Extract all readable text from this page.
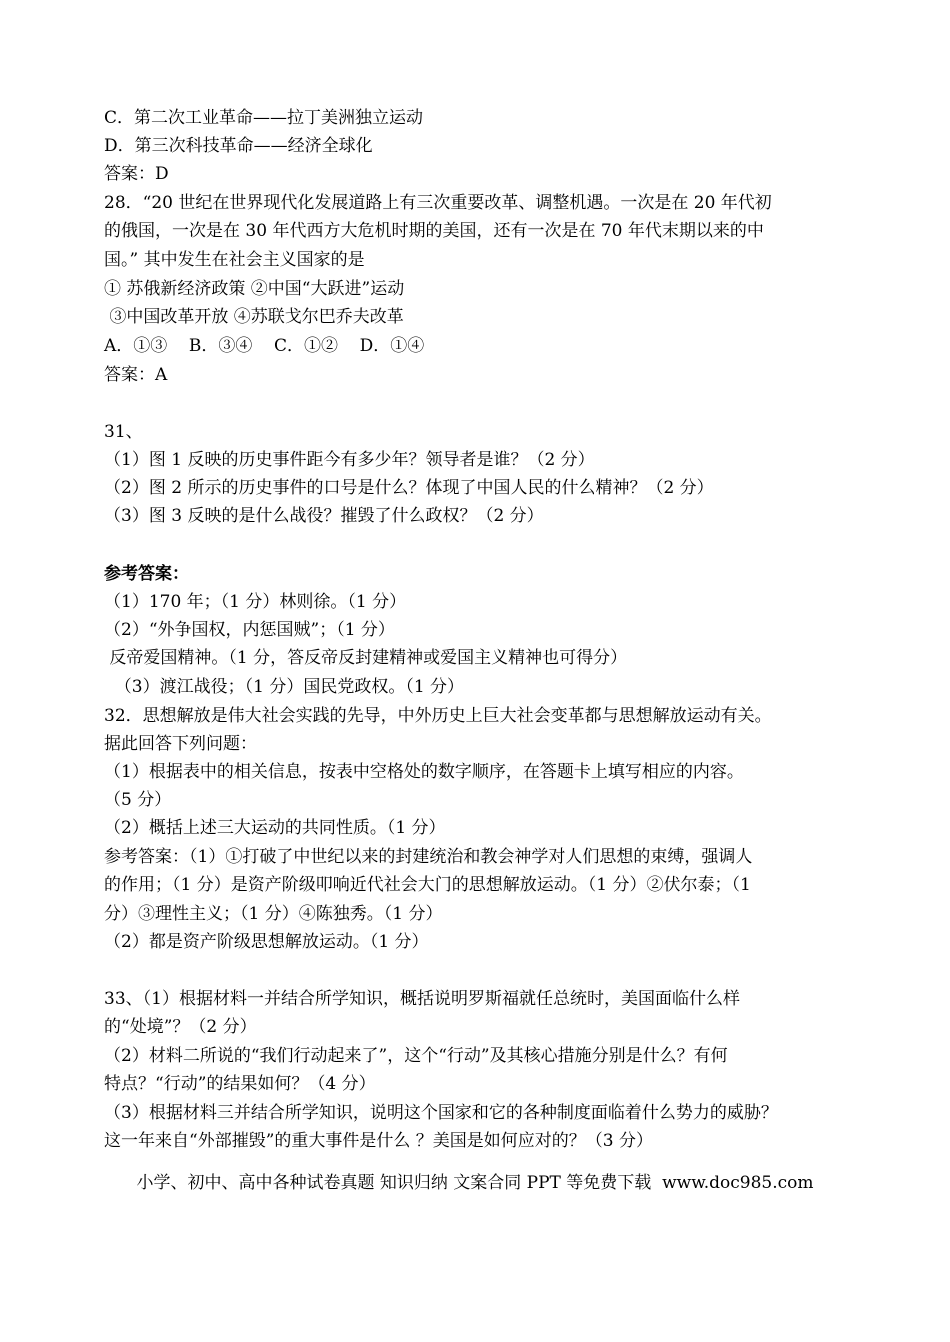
C．第二次工业革命——拉丁美洲独立运动
D．第三次科技革命——经济全球化
答案：D
28．“20 世纪在世界现代化发展道路上有三次重要改革、调整机遇。一次是在 20 年代初
的俄国，一次是在 30 年代西方大危机时期的美国，还有一次是在 70 年代末期以来的中
国。” 其中发生在社会主义国家的是
① 苏俄新经济政策 ②中国“大跃进”运动
③中国改革开放 ④苏联戈尔巴乔夫改革
A．①③    B．③④    C．①②    D．①④
答案：A
31、
（1）图 1 反映的历史事件距今有多少年？领导者是谁？（2 分）
（2）图 2 所示的历史事件的口号是什么？体现了中国人民的什么精神？（2 分）
（3）图 3 反映的是什么战役？摧毁了什么政权？（2 分）
参考答案：
（1）170 年；（1 分）林则徐。（1 分）
（2）“外争国权，内惩国贼”；（1 分）
反帝爱国精神。（1 分，答反帝反封建精神或爱国主义精神也可得分）
（3）渡江战役；（1 分）国民党政权。（1 分）
32．思想解放是伟大社会实践的先导，中外历史上巨大社会变革都与思想解放运动有关。
据此回答下列问题：
（1）根据表中的相关信息，按表中空格处的数字顺序，在答题卡上填写相应的内容。
（5 分）
（2）概括上述三大运动的共同性质。（1 分）
参考答案：（1）①打破了中世纪以来的封建统治和教会神学对人们思想的束缚，强调人
的作用；（1 分）是资产阶级叩响近代社会大门的思想解放运动。（1 分）②伏尔泰；（1
分）③理性主义；（1 分）④陈独秀。（1 分）
（2）都是资产阶级思想解放运动。（1 分）
33、（1）根据材料一并结合所学知识，概括说明罗斯福就任总统时，美国面临什么样
的“处境”？（2 分）
（2）材料二所说的“我们行动起来了”，这个“行动”及其核心措施分别是什么？有何
特点？“行动”的结果如何？（4 分）
（3）根据材料三并结合所学知识，说明这个国家和它的各种制度面临着什么势力的威胁？
这一年来自“外部摧毁”的重大事件是什么 ？美国是如何应对的？（3 分）
小学、初中、高中各种试卷真题 知识归纳 文案合同 PPT 等免费下载  www.doc985.com
